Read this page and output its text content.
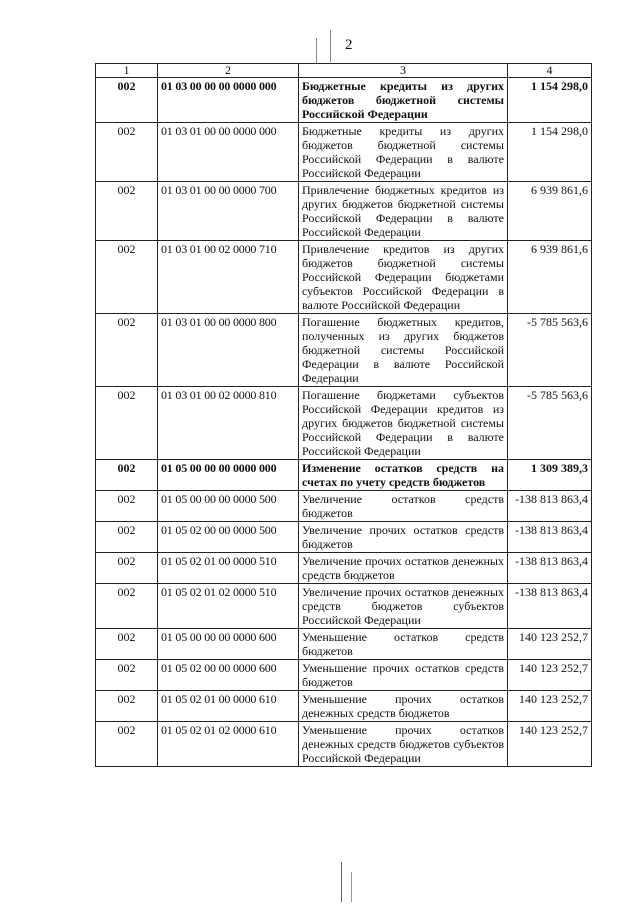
2
1	2	3	4
002	01 03 00 00 00 0000 000	Бюджетные кредиты из других бюджетов бюджетной системы Российской Федерации	1 154 298,0
002	01 03 01 00 00 0000 000	Бюджетные кредиты из других бюджетов бюджетной системы Российской Федерации в валюте Российской Федерации	1 154 298,0
002	01 03 01 00 00 0000 700	Привлечение бюджетных кредитов из других бюджетов бюджетной системы Российской Федерации в валюте Российской Федерации	6 939 861,6
002	01 03 01 00 02 0000 710	Привлечение кредитов из других бюджетов бюджетной системы Российской Федерации бюджетами субъектов Российской Федерации в валюте Российской Федерации	6 939 861,6
002	01 03 01 00 00 0000 800	Погашение бюджетных кредитов, полученных из других бюджетов бюджетной системы Российской Федерации в валюте Российской Федерации	-5 785 563,6
002	01 03 01 00 02 0000 810	Погашение бюджетами субъектов Российской Федерации кредитов из других бюджетов бюджетной системы Российской Федерации в валюте Российской Федерации	-5 785 563,6
002	01 05 00 00 00 0000 000	Изменение остатков средств на счетах по учету средств бюджетов	1 309 389,3
002	01 05 00 00 00 0000 500	Увеличение остатков средств бюджетов	-138 813 863,4
002	01 05 02 00 00 0000 500	Увеличение прочих остатков средств бюджетов	-138 813 863,4
002	01 05 02 01 00 0000 510	Увеличение прочих остатков денежных средств бюджетов	-138 813 863,4
002	01 05 02 01 02 0000 510	Увеличение прочих остатков денежных средств бюджетов субъектов Российской Федерации	-138 813 863,4
002	01 05 00 00 00 0000 600	Уменьшение остатков средств бюджетов	140 123 252,7
002	01 05 02 00 00 0000 600	Уменьшение прочих остатков средств бюджетов	140 123 252,7
002	01 05 02 01 00 0000 610	Уменьшение прочих остатков денежных средств бюджетов	140 123 252,7
002	01 05 02 01 02 0000 610	Уменьшение прочих остатков денежных средств бюджетов субъектов Российской Федерации	140 123 252,7
